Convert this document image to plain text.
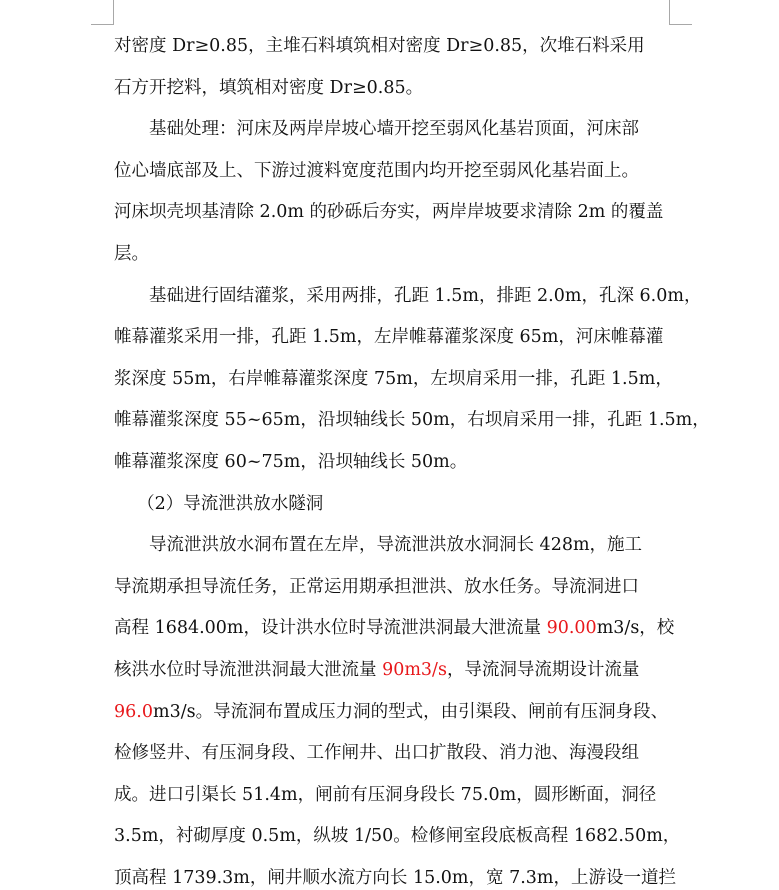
对密度 Dr≥0.85，主堆石料填筑相对密度 Dr≥0.85，次堆石料采用
石方开挖料，填筑相对密度 Dr≥0.85。
　　基础处理：河床及两岸岸坡心墙开挖至弱风化基岩顶面，河床部
位心墙底部及上、下游过渡料宽度范围内均开挖至弱风化基岩面上。
河床坝壳坝基清除 2.0m 的砂砾后夯实，两岸岸坡要求清除 2m 的覆盖
层。
　　基础进行固结灌浆，采用两排，孔距 1.5m，排距 2.0m，孔深 6.0m，
帷幕灌浆采用一排，孔距 1.5m，左岸帷幕灌浆深度 65m，河床帷幕灌
浆深度 55m，右岸帷幕灌浆深度 75m，左坝肩采用一排，孔距 1.5m，
帷幕灌浆深度 55~65m，沿坝轴线长 50m，右坝肩采用一排，孔距 1.5m，
帷幕灌浆深度 60~75m，沿坝轴线长 50m。
　 （2）导流泄洪放水隧洞
　　导流泄洪放水洞布置在左岸，导流泄洪放水洞洞长 428m，施工
导流期承担导流任务，正常运用期承担泄洪、放水任务。导流洞进口
高程 1684.00m，设计洪水位时导流泄洪洞最大泄流量 90.00m3/s，校
核洪水位时导流泄洪洞最大泄流量 90m3/s，导流洞导流期设计流量
96.0m3/s。导流洞布置成压力洞的型式，由引渠段、闸前有压洞身段、
检修竖井、有压洞身段、工作闸井、出口扩散段、消力池、海漫段组
成。进口引渠长 51.4m，闸前有压洞身段长 75.0m，圆形断面，洞径
3.5m，衬砌厚度 0.5m，纵坡 1/50。检修闸室段底板高程 1682.50m，
顶高程 1739.3m，闸井顺水流方向长 15.0m，宽 7.3m，上游设一道拦
